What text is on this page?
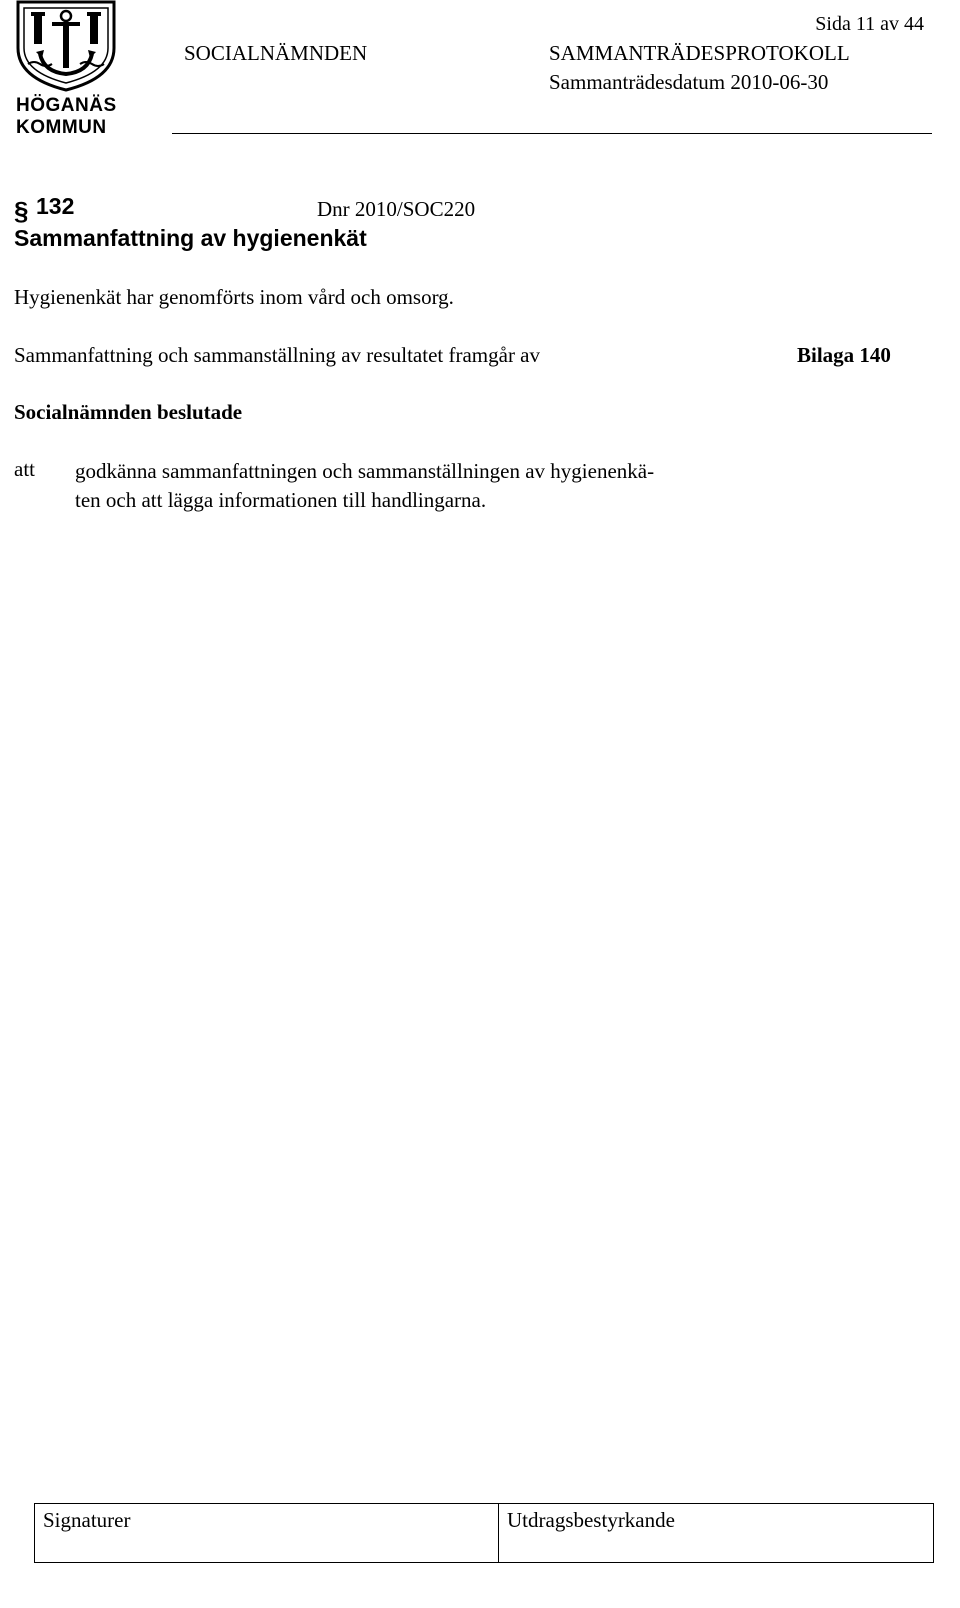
HÖGANÄS
KOMMUN
Sida 11 av 44
SOCIALNÄMNDEN	SAMMANTRÄDESPROTOKOLL
Sammanträdesdatum 2010-06-30
§ 132	Dnr 2010/SOC220
Sammanfattning av hygienenkät
Hygienenkät har genomförts inom vård och omsorg.
Sammanfattning och sammanställning av resultatet framgår av	Bilaga 140
Socialnämnden beslutade
att godkänna sammanfattningen och sammanställningen av hygienenkä-
ten och att lägga informationen till handlingarna.
Signaturer	Utdragsbestyrkande
